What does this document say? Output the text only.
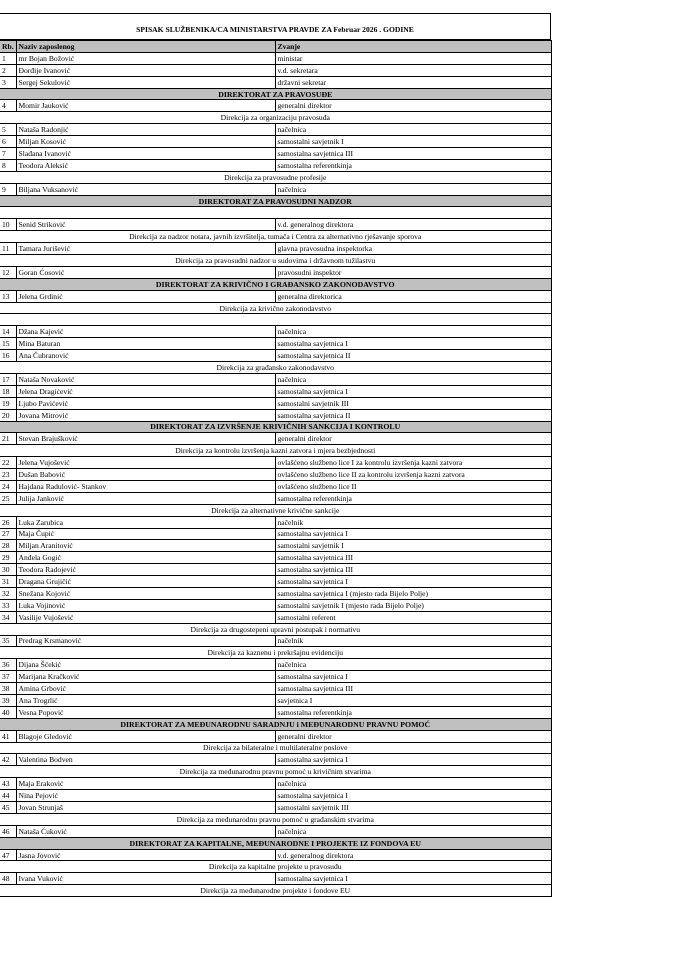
SPISAK SLUŽBENIKA/CA MINISTARSTVA PRAVDE ZA Februar 2026 . GODINE
Rb.	Naziv zaposlenog	Zvanje
1	mr Bojan Božović	ministar
2	Đorđije Ivanović	v.d. sekretara
3	Sergej Sekulović	državni sekretar
DIREKTORAT ZA PRAVOSUĐE		
4	Momir Jauković	generalni direktor
Direkcija za organizaciju pravosuđa		
5	Nataša Radonjić	načelnica
6	Miljan Kosović	samostalni savjetnik I
7	Slađana Ivanović	samostalna savjetnica III
8	Teodora Aleksić	samostalna referentkinja
Direkcija za pravosudne profesije		
9	Biljana Vuksanović	načelnica
DIREKTORAT ZA PRAVOSUDNI NADZOR		

10	Senid Striković	v.d. generalnog direktora
Direkcija za nadzor notara, javnih izvršitelja, tumača i Centra za alternativno rješavanje sporova		
11	Tamara Jurišević	glavna pravosudna inspektorka
Direkcija za pravosudni nadzor u sudovima i državnom tužilastvu		
12	Goran Ćosović	pravosudni inspektor
DIREKTORAT ZA KRIVIČNO I GRAĐANSKO ZAKONODAVSTVO		
13	Jelena Grdinić	generalna direktorica
Direkcija za krivično zakonodavstvo		

14	Džana Kajević	načelnica
15	Mina Baturan	samostalna savjetnica I
16	Ana Čubranović	samostalna savjetnica II
Direkcija za građansko zakonodavstvo		
17	Nataša Novaković	načelnica
18	Jelena Dragićević	samostalna savjetnica I
19	Ljubo Pavićević	samostalni savjetnik III
20	Jovana Mitrović	samostalna savjetnica II
DIREKTORAT ZA IZVRŠENJE KRIVIČNIH SANKCIJA I KONTROLU		
21	Stevan Brajušković	generalni direktor
Direkcija za kontrolu izvršenja kazni zatvora i mjera bezbjednosti		
22	Jelena Vujošević	ovlašćeno službeno lice I za kontrolu izvršenja kazni zatvora
23	Dušan Babović	ovlašćeno službeno lice II za kontrolu izvršenja kazni zatvora
24	Hajdana Radulović- Stankov	ovlašćeno službeno lice II
25	Julija Janković	samostalna referentkinja
Direkcija za alternativne krivične sankcije		
26	Luka Zarubica	načelnik
27	Maja Čupić	samostalna savjetnica I
28	Miljan Aranitović	samostalni savjetnik I
29	Anđela Gogić	samostalna savjetnica III
30	Teodora Radojević	samostalna savjetnica III
31	Dragana Grujičić	samostalna savjetnica I
32	Snežana Kojović	samostalna savjetnica I (mjesto rada Bijelo Polje)
33	Luka Vojinović	samostalni savjetnik I (mjesto rada Bijelo Polje)
34	Vasilije Vujošević	samostalni referent
Direkcija za drugostepeni upravni postupak i normativu		
35	Predrag Krsmanović	načelnik
Direkcija za kaznenu i prekršajnu evidenciju		
36	Dijana Šćekić	načelnica
37	Marijana Kračković	samostalna savjetnica I
38	Amina Grbović	samostalna savjetnica III
39	Ana Trogrlić	savjetnica I
40	Vesna Popović	samostalna referentkinja
DIREKTORAT ZA MEĐUNARODNU SARADNJU i MEĐUNARODNU PRAVNU POMOĆ		
41	Blagoje Gledović	generalni direktor
Direkcija za bilateralne i multilateralne poslove		
42	Valentina Bodven	samostalna savjetnica I
Direkcija za međunarodnu pravnu pomoć u krivičnim stvarima		
43	Maja Eraković	načelnica
44	Nina Pejović	samostalna savjetnica I
45	Jovan Strunjaš	samostalni savjetnik III
Direkcija za međunarodnu pravnu pomoć u građanskim stvarima		
46	Nataša Ćuković	načelnica
DIREKTORAT ZA KAPITALNE, MEĐUNARODNE I PROJEKTE IZ FONDOVA EU		
47	Jasna Jovović	v.d. generalnog direktora
Direkcija za kapitalne projekte u pravosuđu		
48	Ivana Vuković	samostalna savjetnica I
Direkcija za međunarodne projekte i fondove EU		
